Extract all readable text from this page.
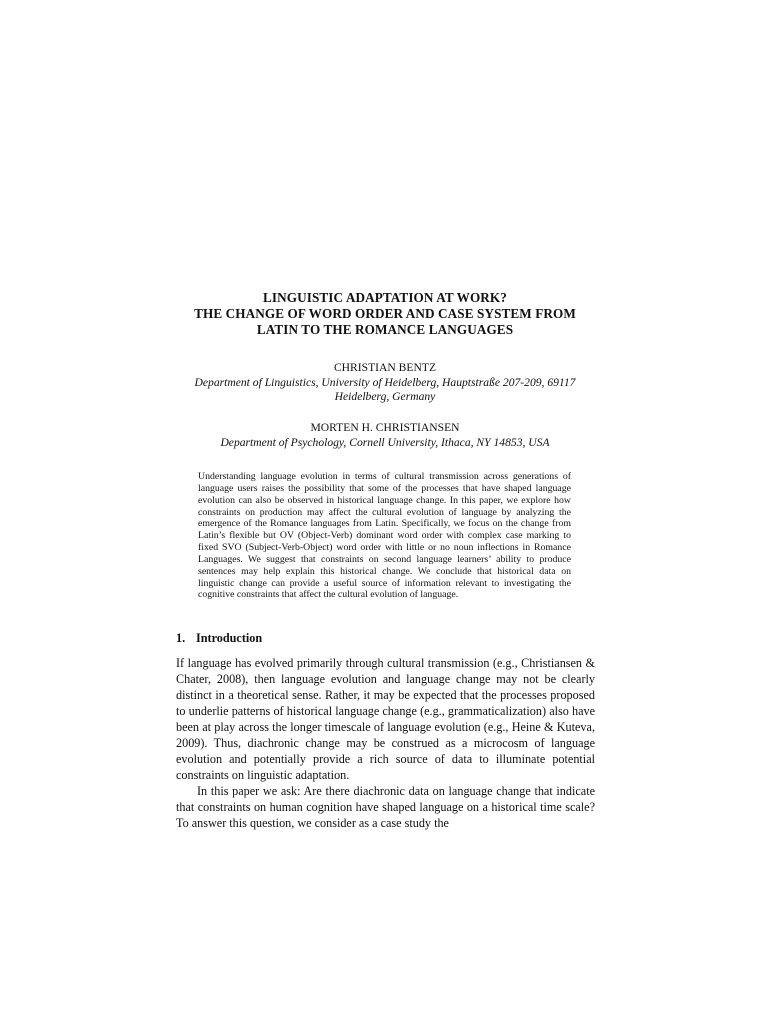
LINGUISTIC ADAPTATION AT WORK?
THE CHANGE OF WORD ORDER AND CASE SYSTEM FROM
LATIN TO THE ROMANCE LANGUAGES
CHRISTIAN BENTZ
Department of Linguistics, University of Heidelberg, Hauptstraße 207-209, 69117
Heidelberg, Germany
MORTEN H. CHRISTIANSEN
Department of Psychology, Cornell University, Ithaca, NY 14853, USA
Understanding language evolution in terms of cultural transmission across generations of language users raises the possibility that some of the processes that have shaped language evolution can also be observed in historical language change. In this paper, we explore how constraints on production may affect the cultural evolution of language by analyzing the emergence of the Romance languages from Latin. Specifically, we focus on the change from Latin’s flexible but OV (Object-Verb) dominant word order with complex case marking to fixed SVO (Subject-Verb-Object) word order with little or no noun inflections in Romance Languages. We suggest that constraints on second language learners’ ability to produce sentences may help explain this historical change. We conclude that historical data on linguistic change can provide a useful source of information relevant to investigating the cognitive constraints that affect the cultural evolution of language.
1. Introduction

If language has evolved primarily through cultural transmission (e.g., Christiansen & Chater, 2008), then language evolution and language change may not be clearly distinct in a theoretical sense. Rather, it may be expected that the processes proposed to underlie patterns of historical language change (e.g., grammaticalization) also have been at play across the longer timescale of language evolution (e.g., Heine & Kuteva, 2009). Thus, diachronic change may be construed as a microcosm of language evolution and potentially provide a rich source of data to illuminate potential constraints on linguistic adaptation.

In this paper we ask: Are there diachronic data on language change that indicate that constraints on human cognition have shaped language on a historical time scale? To answer this question, we consider as a case study the
